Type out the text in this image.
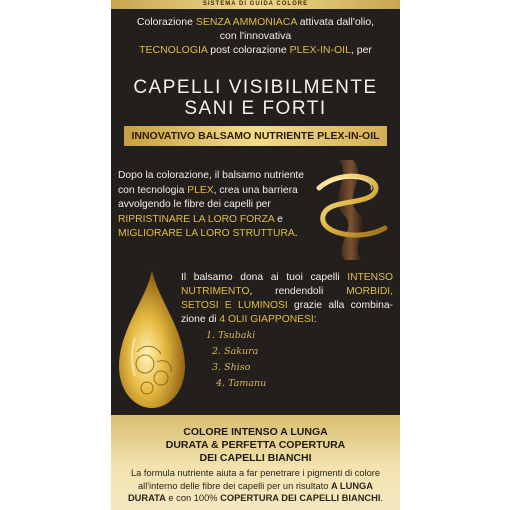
SISTEMA DI GUIDA COLORE
Colorazione SENZA AMMONIACA attivata dall'olio,
con l'innovativa
TECNOLOGIA post colorazione PLEX-IN-OIL, per
CAPELLI VISIBILMENTE
SANI E FORTI
INNOVATIVO BALSAMO NUTRIENTE PLEX-IN-OIL
Dopo la colorazione, il balsamo nutriente con tecnologia PLEX, crea una barriera avvolgendo le fibre dei capelli per RIPRISTINARE LA LORO FORZA e MIGLIORARE LA LORO STRUTTURA.
Il balsamo dona ai tuoi capelli INTENSO NUTRIMENTO, rendendoli MORBIDI, SETOSI E LUMINOSI grazie alla combina-zione di 4 OLII GIAPPONESI:
1. Tsubaki
2. Sakura
3. Shiso
4. Tamanu
COLORE INTENSO A LUNGA
DURATA & PERFETTA COPERTURA
DEI CAPELLI BIANCHI
La formula nutriente aiuta a far penetrare i pigmenti di colore all'interno delle fibre dei capelli per un risultato A LUNGA DURATA e con 100% COPERTURA DEI CAPELLI BIANCHI.
